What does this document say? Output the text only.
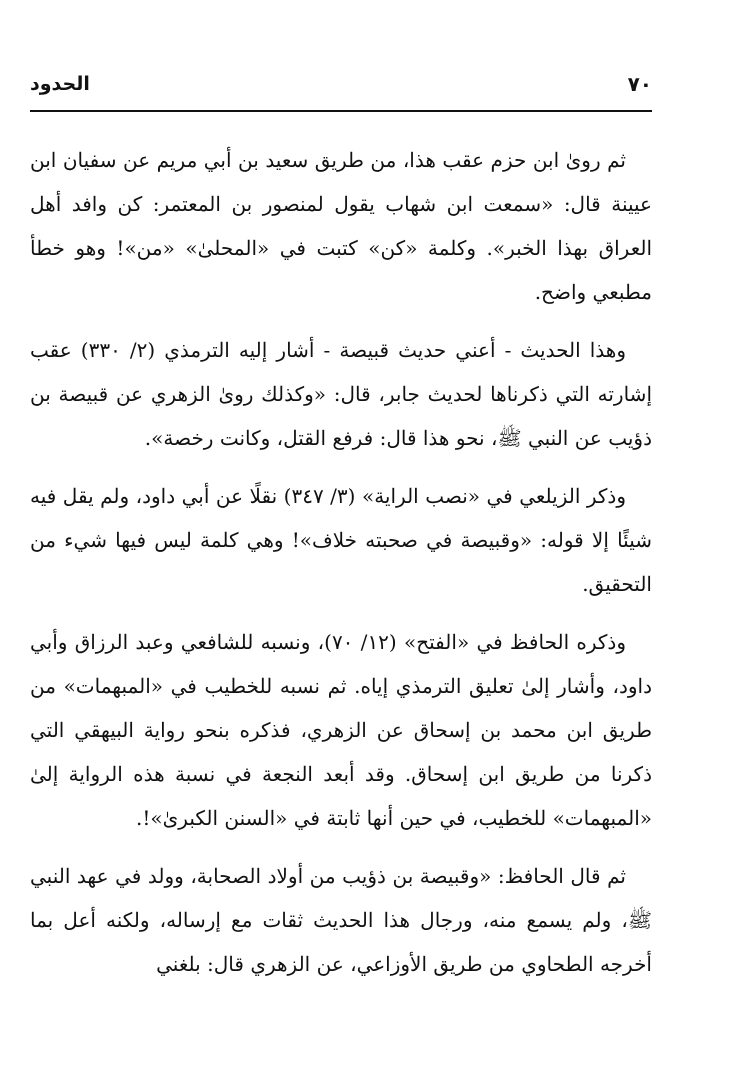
٧٠
الحدود

ثم رویٰ ابن حزم عقب هذا، من طريق سعيد بن أبي مريم عن سفيان ابن عيينة قال: «سمعت ابن شهاب يقول لمنصور بن المعتمر: كن وافد أهل العراق بهذا الخبر». وكلمة «كن» كتبت في «المحلیٰ» «من»! وهو خطأ مطبعي واضح.

وهذا الحديث - أعني حديث قبيصة - أشار إليه الترمذي (٢/ ٣٣٠) عقب إشارته التي ذكرناها لحديث جابر، قال: «وكذلك رویٰ الزهري عن قبيصة بن ذؤيب عن النبي ﷺ، نحو هذا قال: فرفع القتل، وكانت رخصة».

وذكر الزيلعي في «نصب الراية» (٣/ ٣٤٧) نقلًا عن أبي داود، ولم يقل فيه شيئًا إلا قوله: «وقبيصة في صحبته خلاف»! وهي كلمة ليس فيها شيء من التحقيق.

وذكره الحافظ في «الفتح» (١٢/ ٧٠)، ونسبه للشافعي وعبد الرزاق وأبي داود، وأشار إلیٰ تعليق الترمذي إياه. ثم نسبه للخطيب في «المبهمات» من طريق ابن محمد بن إسحاق عن الزهري، فذكره بنحو رواية البيهقي التي ذكرنا من طريق ابن إسحاق. وقد أبعد النجعة في نسبة هذه الرواية إلیٰ «المبهمات» للخطيب، في حين أنها ثابتة في «السنن الكبریٰ»!.

ثم قال الحافظ: «وقبيصة بن ذؤيب من أولاد الصحابة، وولد في عهد النبي ﷺ، ولم يسمع منه، ورجال هذا الحديث ثقات مع إرساله، ولكنه أعل بما أخرجه الطحاوي من طريق الأوزاعي، عن الزهري قال: بلغني
